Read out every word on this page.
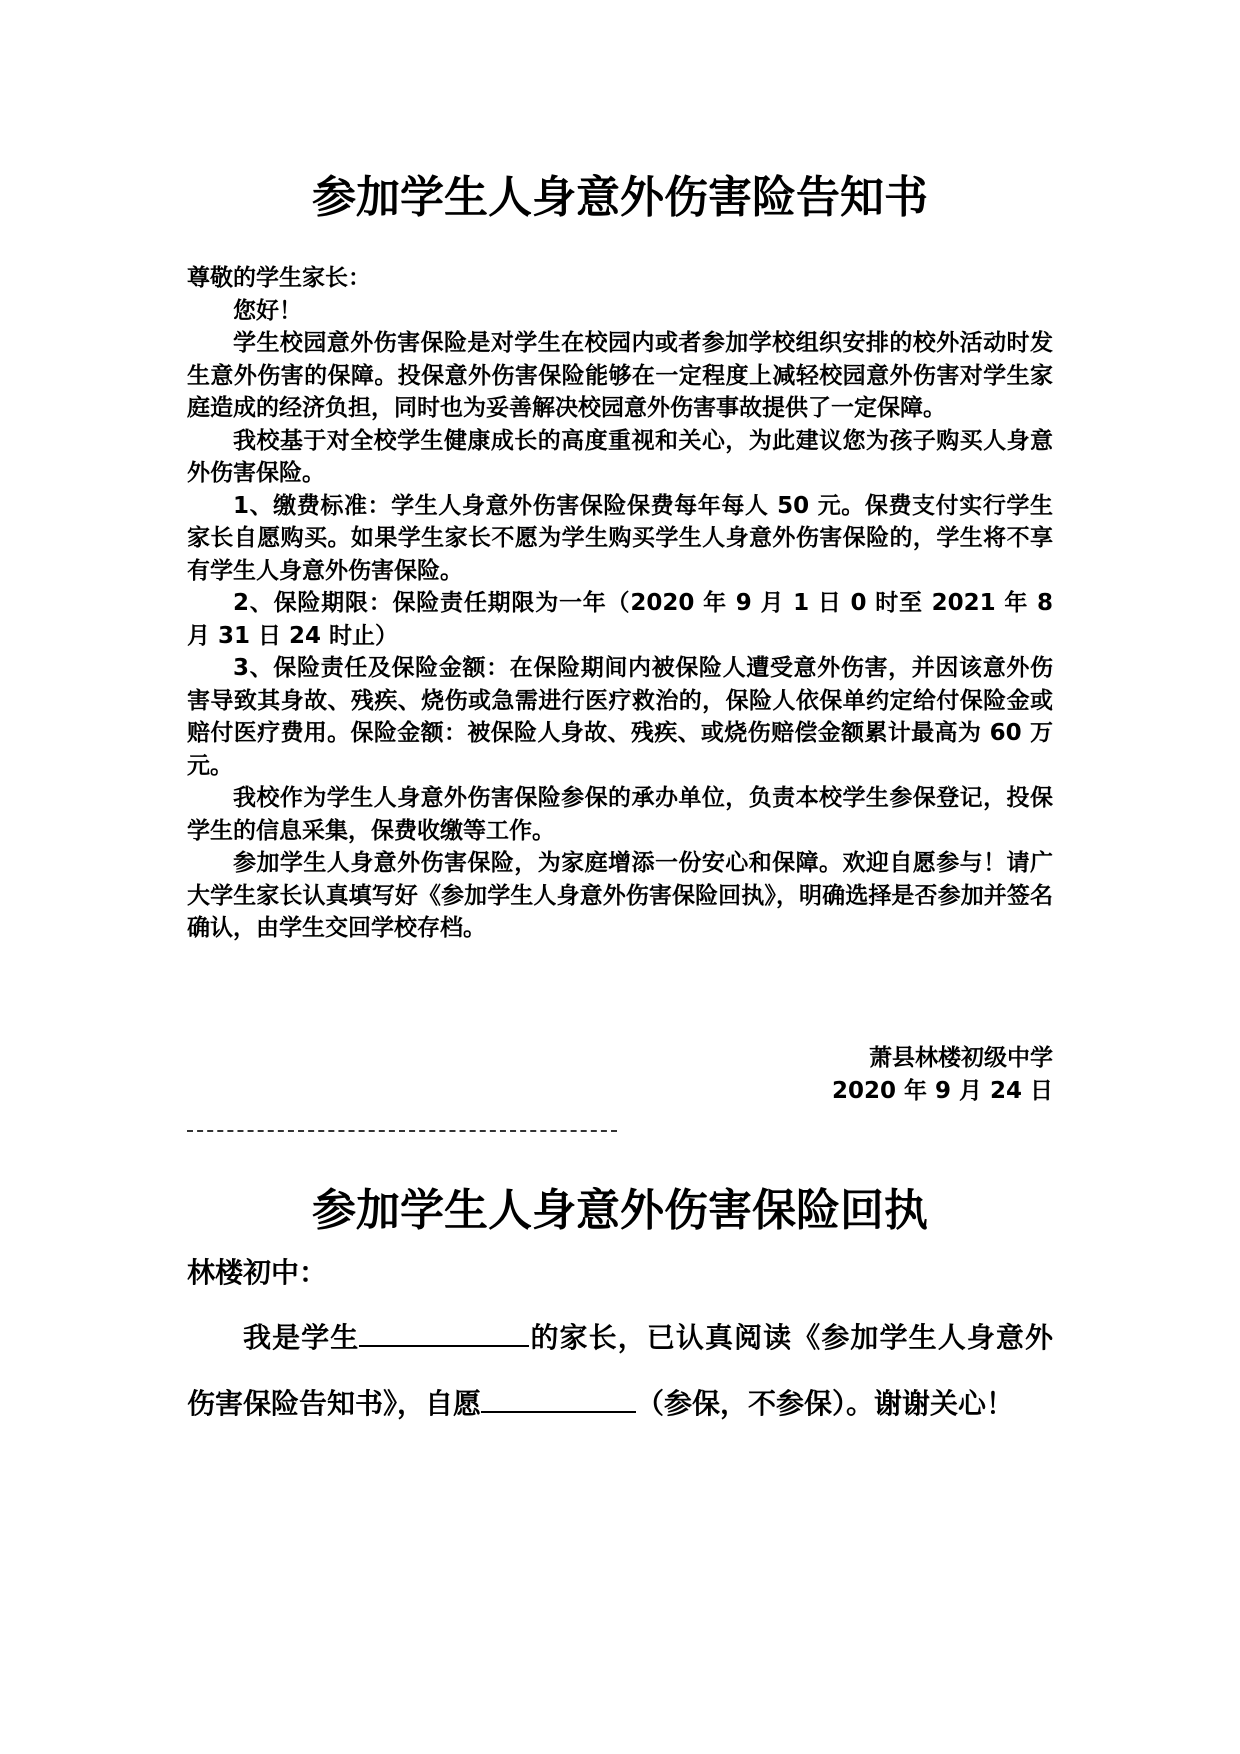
参加学生人身意外伤害险告知书

尊敬的学生家长：

您好！

学生校园意外伤害保险是对学生在校园内或者参加学校组织安排的校外活动时发生意外伤害的保障。投保意外伤害保险能够在一定程度上减轻校园意外伤害对学生家庭造成的经济负担，同时也为妥善解决校园意外伤害事故提供了一定保障。

我校基于对全校学生健康成长的高度重视和关心，为此建议您为孩子购买人身意外伤害保险。

1、缴费标准：学生人身意外伤害保险保费每年每人 50 元。保费支付实行学生家长自愿购买。如果学生家长不愿为学生购买学生人身意外伤害保险的，学生将不享有学生人身意外伤害保险。

2、保险期限：保险责任期限为一年（2020 年 9 月 1 日 0 时至 2021 年 8 月 31 日 24 时止）

3、保险责任及保险金额：在保险期间内被保险人遭受意外伤害，并因该意外伤害导致其身故、残疾、烧伤或急需进行医疗救治的，保险人依保单约定给付保险金或赔付医疗费用。保险金额：被保险人身故、残疾、或烧伤赔偿金额累计最高为 60 万元。

我校作为学生人身意外伤害保险参保的承办单位，负责本校学生参保登记，投保学生的信息采集，保费收缴等工作。

参加学生人身意外伤害保险，为家庭增添一份安心和保障。欢迎自愿参与！请广大学生家长认真填写好《参加学生人身意外伤害保险回执》，明确选择是否参加并签名确认，由学生交回学校存档。

萧县林楼初级中学
2020 年 9 月 24 日
参加学生人身意外伤害保险回执
林楼初中：

我是学生	的家长，已认真阅读《参加学生人身意外伤害保险告知书》，自愿	（参保，不参保）。谢谢关心！
